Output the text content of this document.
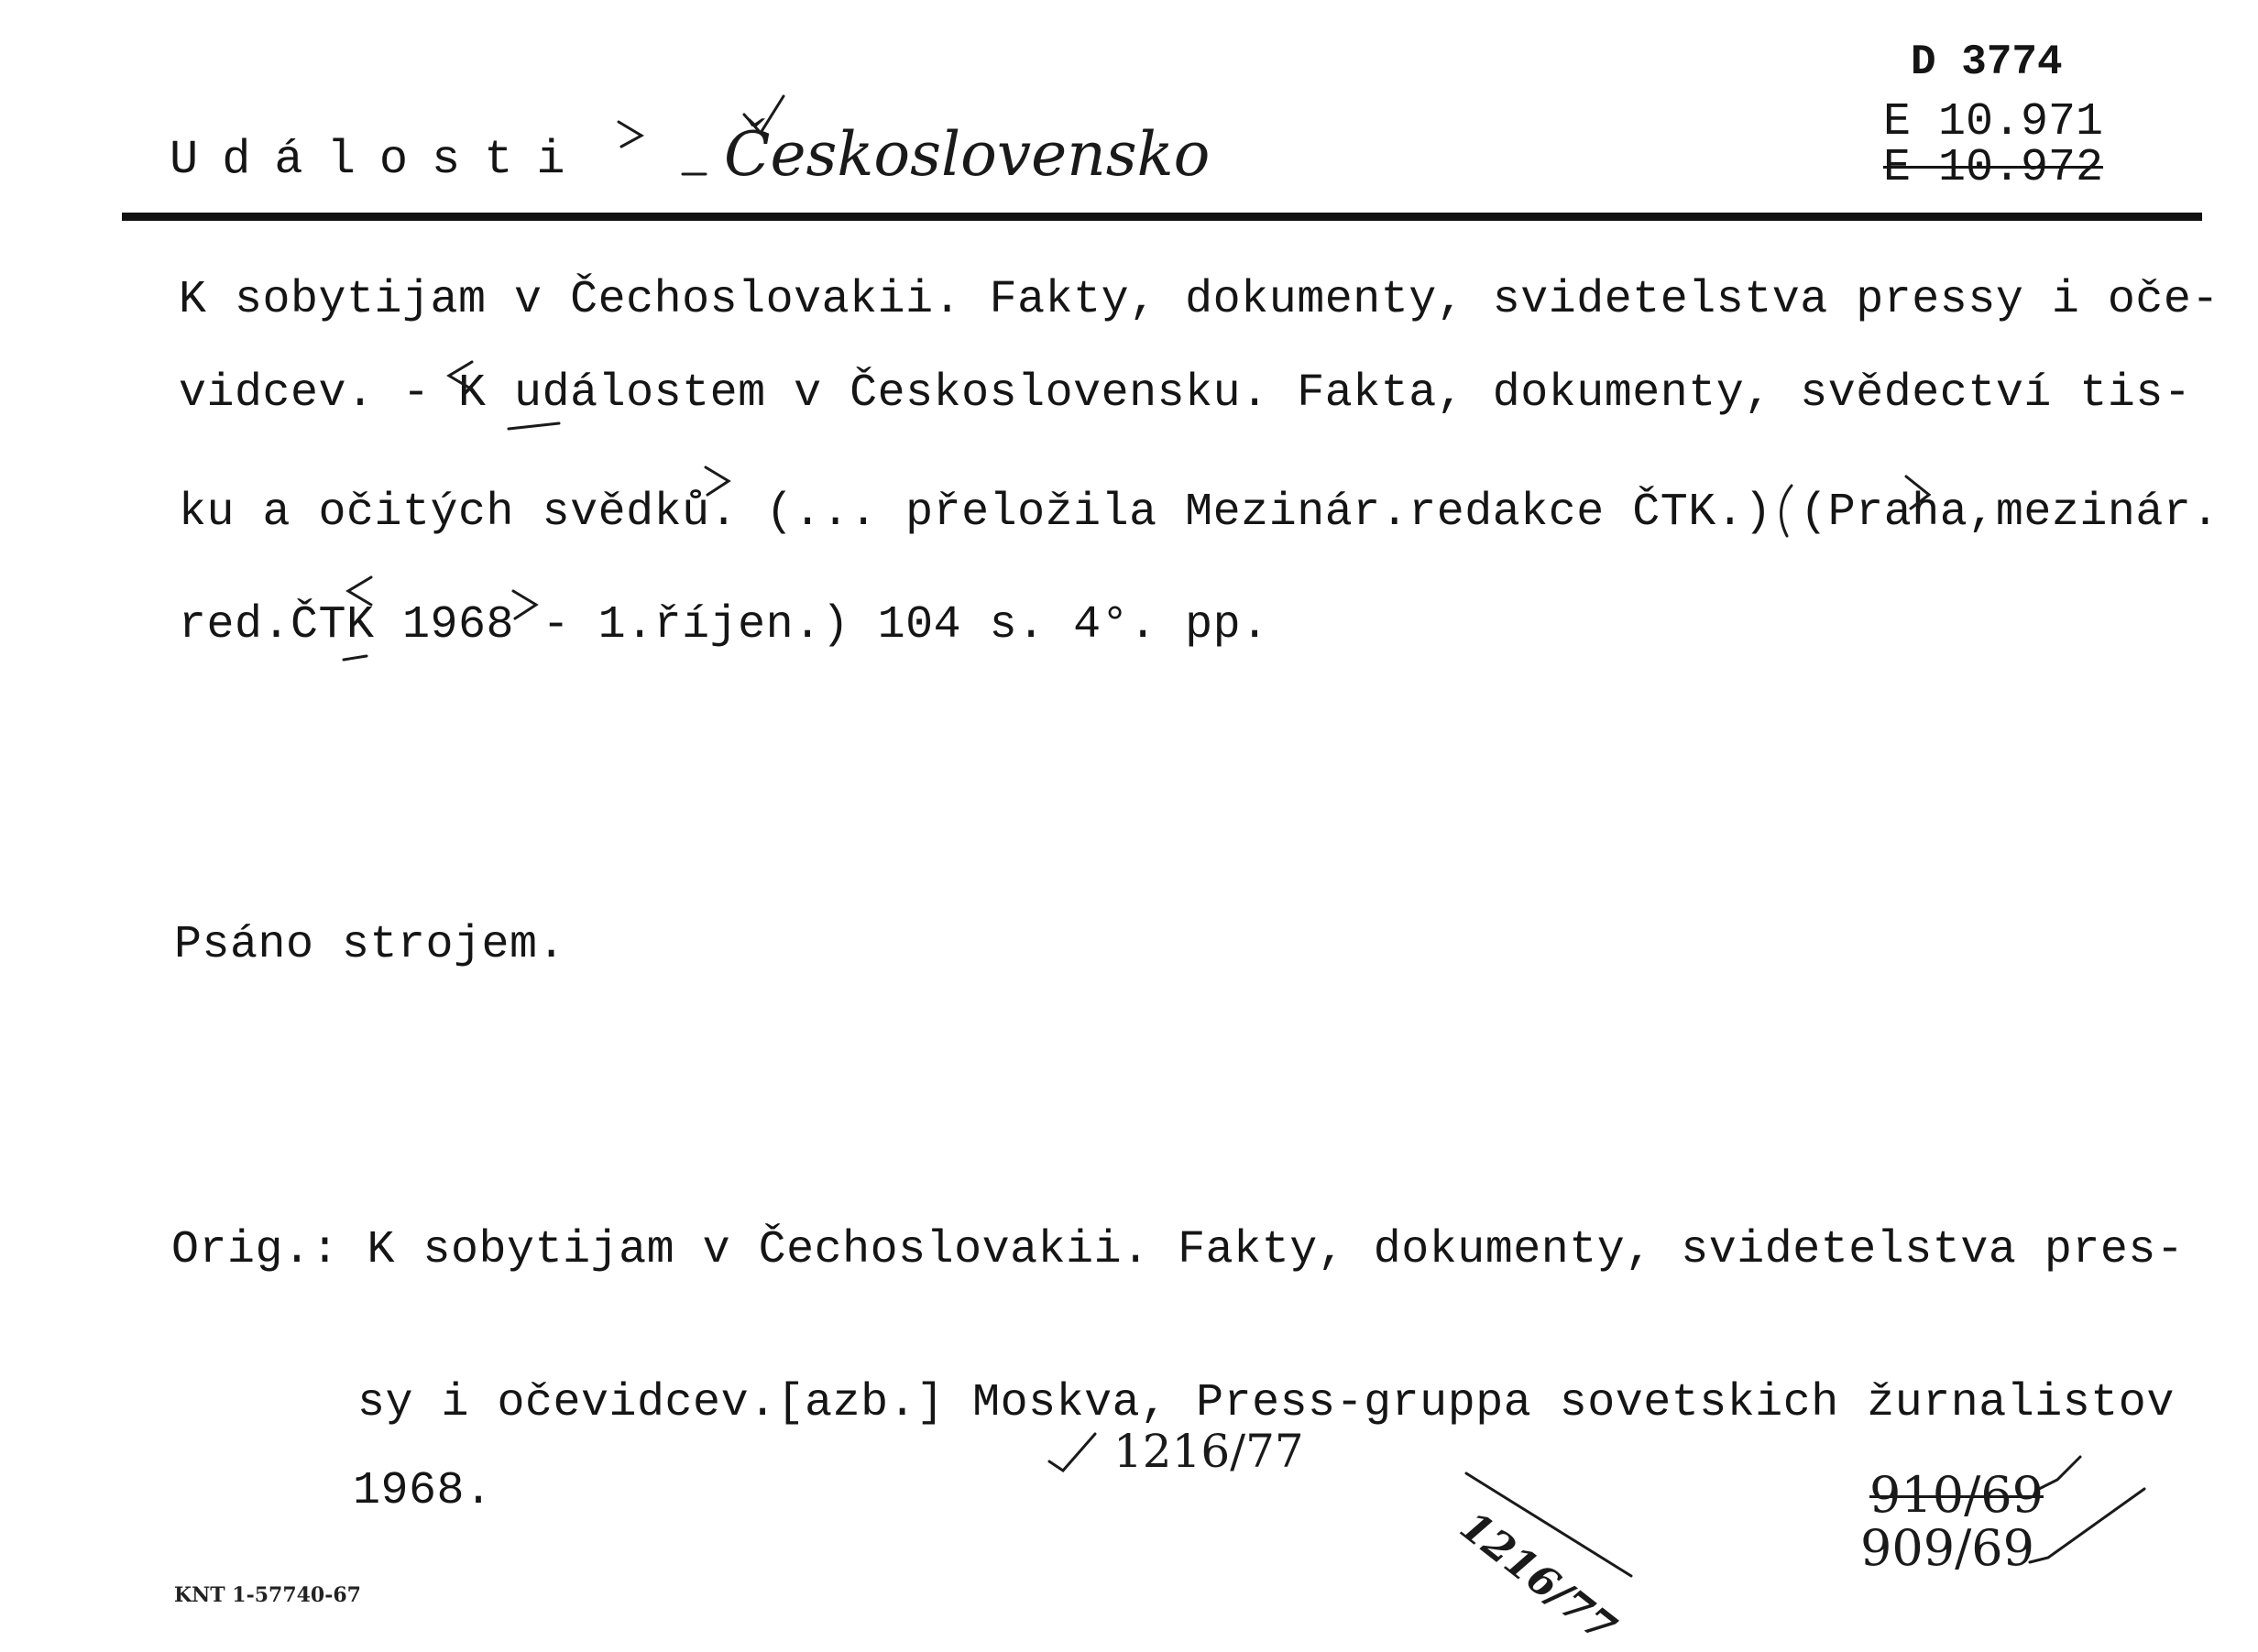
Události Československo
D 3774
E 10.971
E 10.972
K sobytijam v Čechoslovakii. Fakty, dokumenty, svidetelstva pressy i oče-
vidcev. - K událostem v Československu. Fakta, dokumenty, svědectví tis-
ku a očitých svědků. (... přeložila Mezinár.redakce ČTK.) (Praha,mezinár.
red.ČTK 1968 - 1.říjen.) 104 s. 4°. pp.
Psáno strojem.
Orig.: K sobytijam v Čechoslovakii. Fakty, dokumenty, svidetelstva pres-
sy i očevidcev.[azb.] Moskva, Press-gruppa sovetskich žurnalistov
1968.
1216/77
1216/77
910/69
909/69
KNT 1-57740-67
